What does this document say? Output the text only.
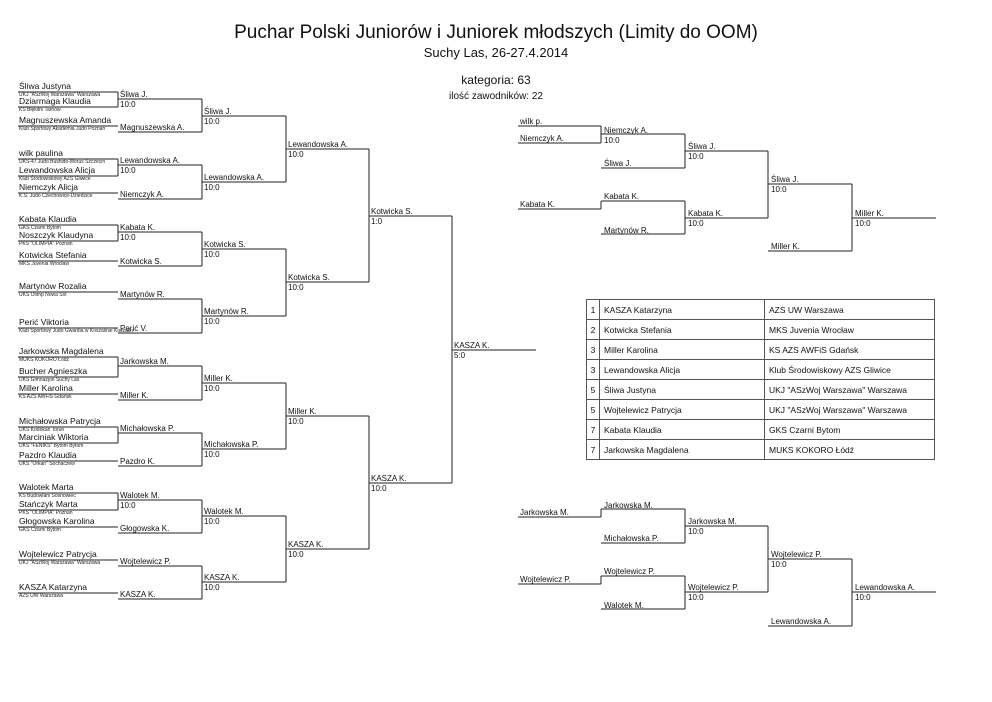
Puchar Polski Juniorów i Juniorek młodszych (Limity do OOM)
Suchy Las, 26-27.4.2014
kategoria: 63
ilość zawodników: 22
Śliwa Justyna
UKJ "ASzWoj Warszawa" Warszawa
Dziarmaga Klaudia
KS Błękitni Tarnów
Magnuszewska Amanda
Klub Sportowy Akademia Judo Poznań
wilk paulina
UKS-47 Judo Bushido-Morus Szczecin
Lewandowska Alicja
Klub Środowiskowy AZS Gliwice
Niemczyk Alicja
K.S. Judo Czechowice-Dziedzice
Kabata Klaudia
GKS Czarni Bytom
Noszczyk Klaudyna
PKS "OLIMPIA" Poznań
Kotwicka Stefania
MKS Juvenia Wrocław
Martynów Rozalia
UKS Olimp Nowa Sól
Perić Viktoria
Klub Sportowy Judo Gwardia w Koszalinie Koszalin
Jarkowska Magdalena
MUKS KOKORO Łódź
Bucher Agnieszka
UKS Gimnazjon Suchy Las
Miller Karolina
KS AZS AWFiS Gdańsk
Michałowska Patrycja
UKS Kodokan Toruń
Marciniak Wiktoria
UKS "FENIKS" Bytom Bytom
Pazdro Klaudia
UKS "Orkan" Sochaczew
Walotek Marta
KS Budowlani Sosnowiec
Stańczyk Marta
PKS "OLIMPIA" Poznań
Głogowska Karolina
GKS Czarni Bytom
Wojtelewicz Patrycja
UKJ "ASzWoj Warszawa" Warszawa
KASZA Katarzyna
AZS UW Warszawa
Śliwa J.
10:0
Magnuszewska A.
Lewandowska A.
10:0
Niemczyk A.
Kabata K.
10:0
Kotwicka S.
Martynów R.
Perić V.
Jarkowska M.
Miller K.
Michałowska P.
Pazdro K.
Walotek M.
10:0
Głogowska K.
Wojtelewicz P.
KASZA K.
Śliwa J.
10:0
Lewandowska A.
10:0
Kotwicka S.
10:0
Martynów R.
10:0
Miller K.
10:0
Michałowska P.
10:0
Walotek M.
10:0
KASZA K.
10:0
Lewandowska A.
10:0
Kotwicka S.
10:0
Miller K.
10:0
KASZA K.
10:0
Kotwicka S.
1:0
KASZA K.
10:0
KASZA K.
5:0
wilk p.
Niemczyk A.
Kabata K.
Niemczyk A.
10:0
Śliwa J.
Kabata K.
Martynów R.
Śliwa J.
10:0
Kabata K.
10:0
Śliwa J.
10:0
Miller K.
Miller K.
10:0
Jarkowska M.
Wojtelewicz P.
Jarkowska M.
Michałowska P.
Wojtelewicz P.
Walotek M.
Jarkowska M.
10:0
Wojtelewicz P.
10:0
Wojtelewicz P.
10:0
Lewandowska A.
Lewandowska A.
10:0
1	KASZA Katarzyna	AZS UW Warszawa
2	Kotwicka Stefania	MKS Juvenia Wrocław
3	Miller Karolina	KS AZS AWFiS Gdańsk
3	Lewandowska Alicja	Klub Środowiskowy AZS Gliwice
5	Śliwa Justyna	UKJ "ASzWoj Warszawa" Warszawa
5	Wojtelewicz Patrycja	UKJ "ASzWoj Warszawa" Warszawa
7	Kabata Klaudia	GKS Czarni Bytom
7	Jarkowska Magdalena	MUKS KOKORO Łódź
